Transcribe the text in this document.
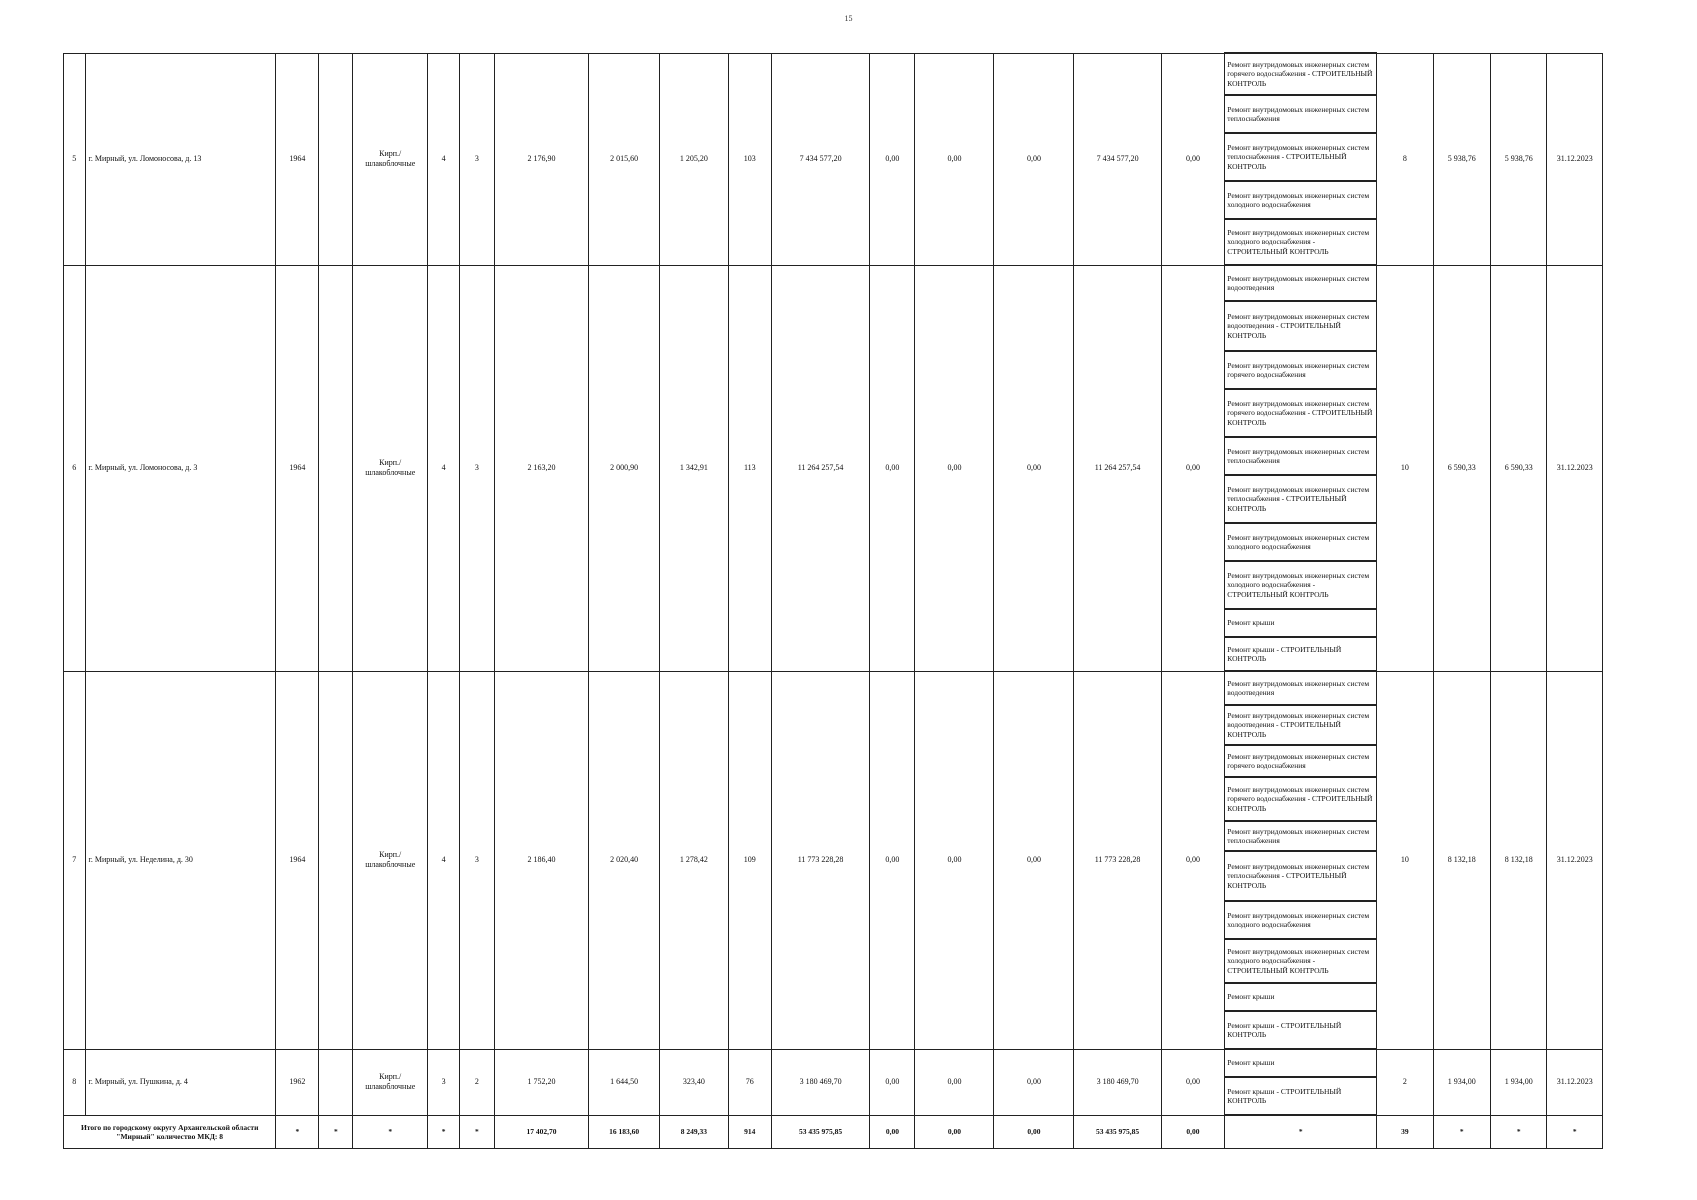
15
5	г. Мирный, ул. Ломоносова, д. 13	1964		Кирп./ шлакоблочные	4	3	2 176,90	2 015,60	1 205,20	103	7 434 577,20	0,00	0,00	0,00	7 434 577,20	0,00	Ремонт внутридомовых инженерных систем горячего водоснабжения - СТРОИТЕЛЬНЫЙ КОНТРОЛЬ	8	5 938,76	5 938,76	31.12.2023
																	Ремонт внутридомовых инженерных систем теплоснабжения				
																	Ремонт внутридомовых инженерных систем теплоснабжения - СТРОИТЕЛЬНЫЙ КОНТРОЛЬ				
																	Ремонт внутридомовых инженерных систем холодного водоснабжения				
																	Ремонт внутридомовых инженерных систем холодного водоснабжения - СТРОИТЕЛЬНЫЙ КОНТРОЛЬ				
6	г. Мирный, ул. Ломоносова, д. 3	1964		Кирп./ шлакоблочные	4	3	2 163,20	2 000,90	1 342,91	113	11 264 257,54	0,00	0,00	0,00	11 264 257,54	0,00	Ремонт внутридомовых инженерных систем водоотведения	10	6 590,33	6 590,33	31.12.2023
																	Ремонт внутридомовых инженерных систем водоотведения - СТРОИТЕЛЬНЫЙ КОНТРОЛЬ				
																	Ремонт внутридомовых инженерных систем горячего водоснабжения				
																	Ремонт внутридомовых инженерных систем горячего водоснабжения - СТРОИТЕЛЬНЫЙ КОНТРОЛЬ				
																	Ремонт внутридомовых инженерных систем теплоснабжения				
																	Ремонт внутридомовых инженерных систем теплоснабжения - СТРОИТЕЛЬНЫЙ КОНТРОЛЬ				
																	Ремонт внутридомовых инженерных систем холодного водоснабжения				
																	Ремонт внутридомовых инженерных систем холодного водоснабжения - СТРОИТЕЛЬНЫЙ КОНТРОЛЬ				
																	Ремонт крыши				
																	Ремонт крыши - СТРОИТЕЛЬНЫЙ КОНТРОЛЬ				
7	г. Мирный, ул. Неделина, д. 30	1964		Кирп./ шлакоблочные	4	3	2 186,40	2 020,40	1 278,42	109	11 773 228,28	0,00	0,00	0,00	11 773 228,28	0,00	Ремонт внутридомовых инженерных систем водоотведения	10	8 132,18	8 132,18	31.12.2023
																	Ремонт внутридомовых инженерных систем водоотведения - СТРОИТЕЛЬНЫЙ КОНТРОЛЬ				
																	Ремонт внутридомовых инженерных систем горячего водоснабжения				
																	Ремонт внутридомовых инженерных систем горячего водоснабжения - СТРОИТЕЛЬНЫЙ КОНТРОЛЬ				
																	Ремонт внутридомовых инженерных систем теплоснабжения				
																	Ремонт внутридомовых инженерных систем теплоснабжения - СТРОИТЕЛЬНЫЙ КОНТРОЛЬ				
																	Ремонт внутридомовых инженерных систем холодного водоснабжения				
																	Ремонт внутридомовых инженерных систем холодного водоснабжения - СТРОИТЕЛЬНЫЙ КОНТРОЛЬ				
																	Ремонт крыши				
																	Ремонт крыши - СТРОИТЕЛЬНЫЙ КОНТРОЛЬ				
8	г. Мирный, ул. Пушкина, д. 4	1962		Кирп./ шлакоблочные	3	2	1 752,20	1 644,50	323,40	76	3 180 469,70	0,00	0,00	0,00	3 180 469,70	0,00	Ремонт крыши	2	1 934,00	1 934,00	31.12.2023
																	Ремонт крыши - СТРОИТЕЛЬНЫЙ КОНТРОЛЬ				
Итого по городскому округу Архангельской области "Мирный" количество МКД: 8		*	*	*	*	*	17 402,70	16 183,60	8 249,33	914	53 435 975,85	0,00	0,00	0,00	53 435 975,85	0,00	*	39	*	*	*
